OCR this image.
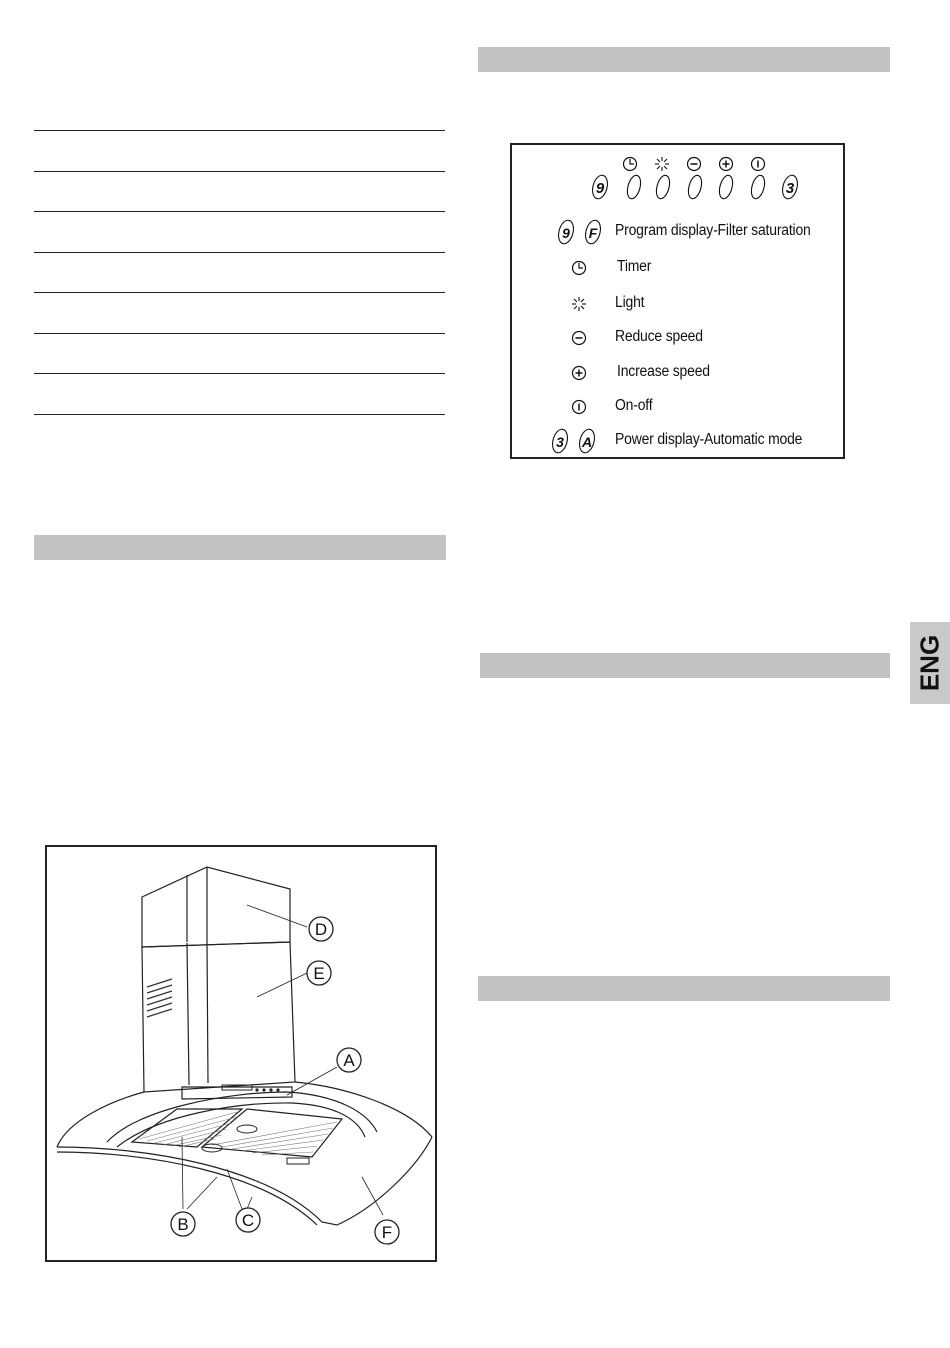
ENG
9	3
9 F Program display-Filter saturation
Timer
Light
Reduce speed
Increase speed
On-off
3 A Power display-Automatic mode
D
E
A
B	C
F
